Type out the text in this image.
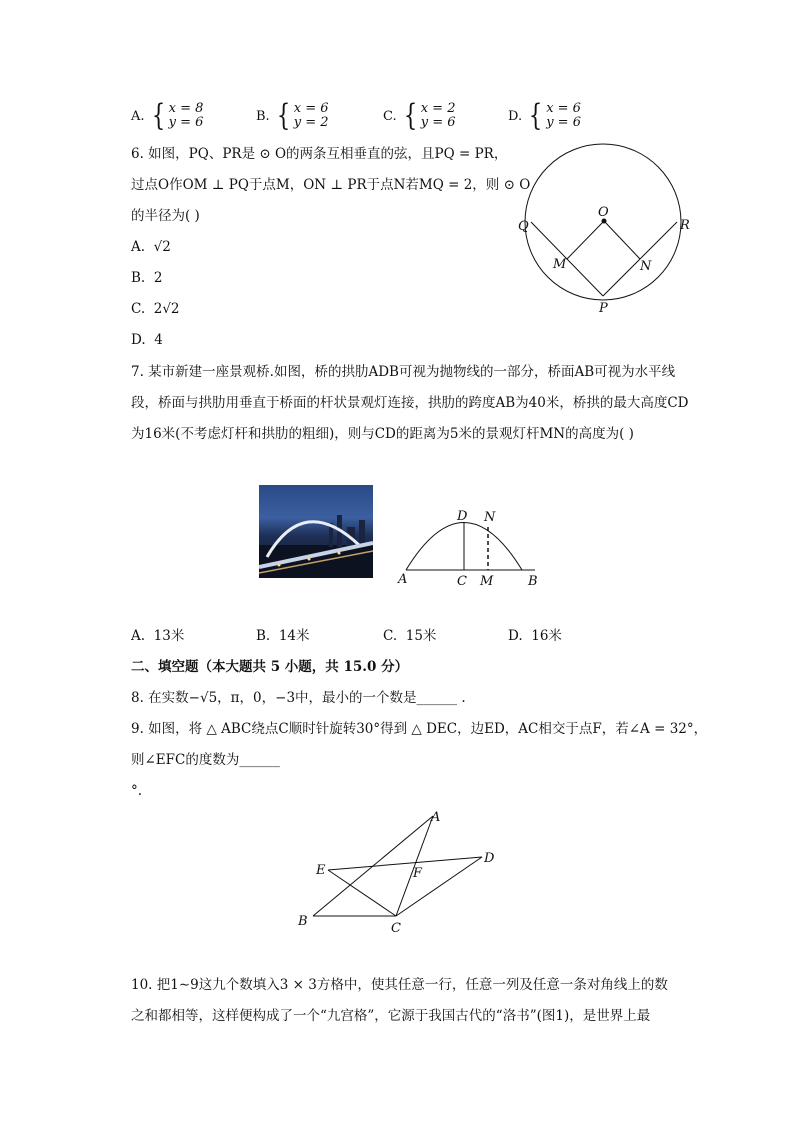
A. { x = 8
y = 6	B. { x = 6
y = 2	C. { x = 2
y = 6	D. { x = 6
y = 6
6. 如图，PQ、PR是 ⊙ O的两条互相垂直的弦，且PQ = PR，
过点O作OM ⊥ PQ于点M，ON ⊥ PR于点N若MQ = 2，则 ⊙ O
的半径为( )
A. √2
B. 2
C. 2√2
D. 4
O
Q	R
M	N
P
7. 某市新建一座景观桥.如图，桥的拱肋ADB可视为抛物线的一部分，桥面AB可视为水平线
段，桥面与拱肋用垂直于桥面的杆状景观灯连接，拱肋的跨度AB为40米，桥拱的最大高度CD
为16米(不考虑灯杆和拱肋的粗细)，则与CD的距离为5米的景观灯杆MN的高度为( )
D N
A	C M	B
A. 13米	B. 14米	C. 15米	D. 16米
二、填空题（本大题共 5 小题，共 15.0 分）
8. 在实数−√5，π，0，−3中，最小的一个数是______ .
9. 如图，将 △ ABC绕点C顺时针旋转30°得到 △ DEC，边ED，AC相交于点F，若∠A = 32°，
则∠EFC的度数为______
°.
A
D
E	F
B	C
10. 把1∼9这九个数填入3 × 3方格中，使其任意一行，任意一列及任意一条对角线上的数
之和都相等，这样便构成了一个“九宫格”，它源于我国古代的“洛书”(图1)，是世界上最
